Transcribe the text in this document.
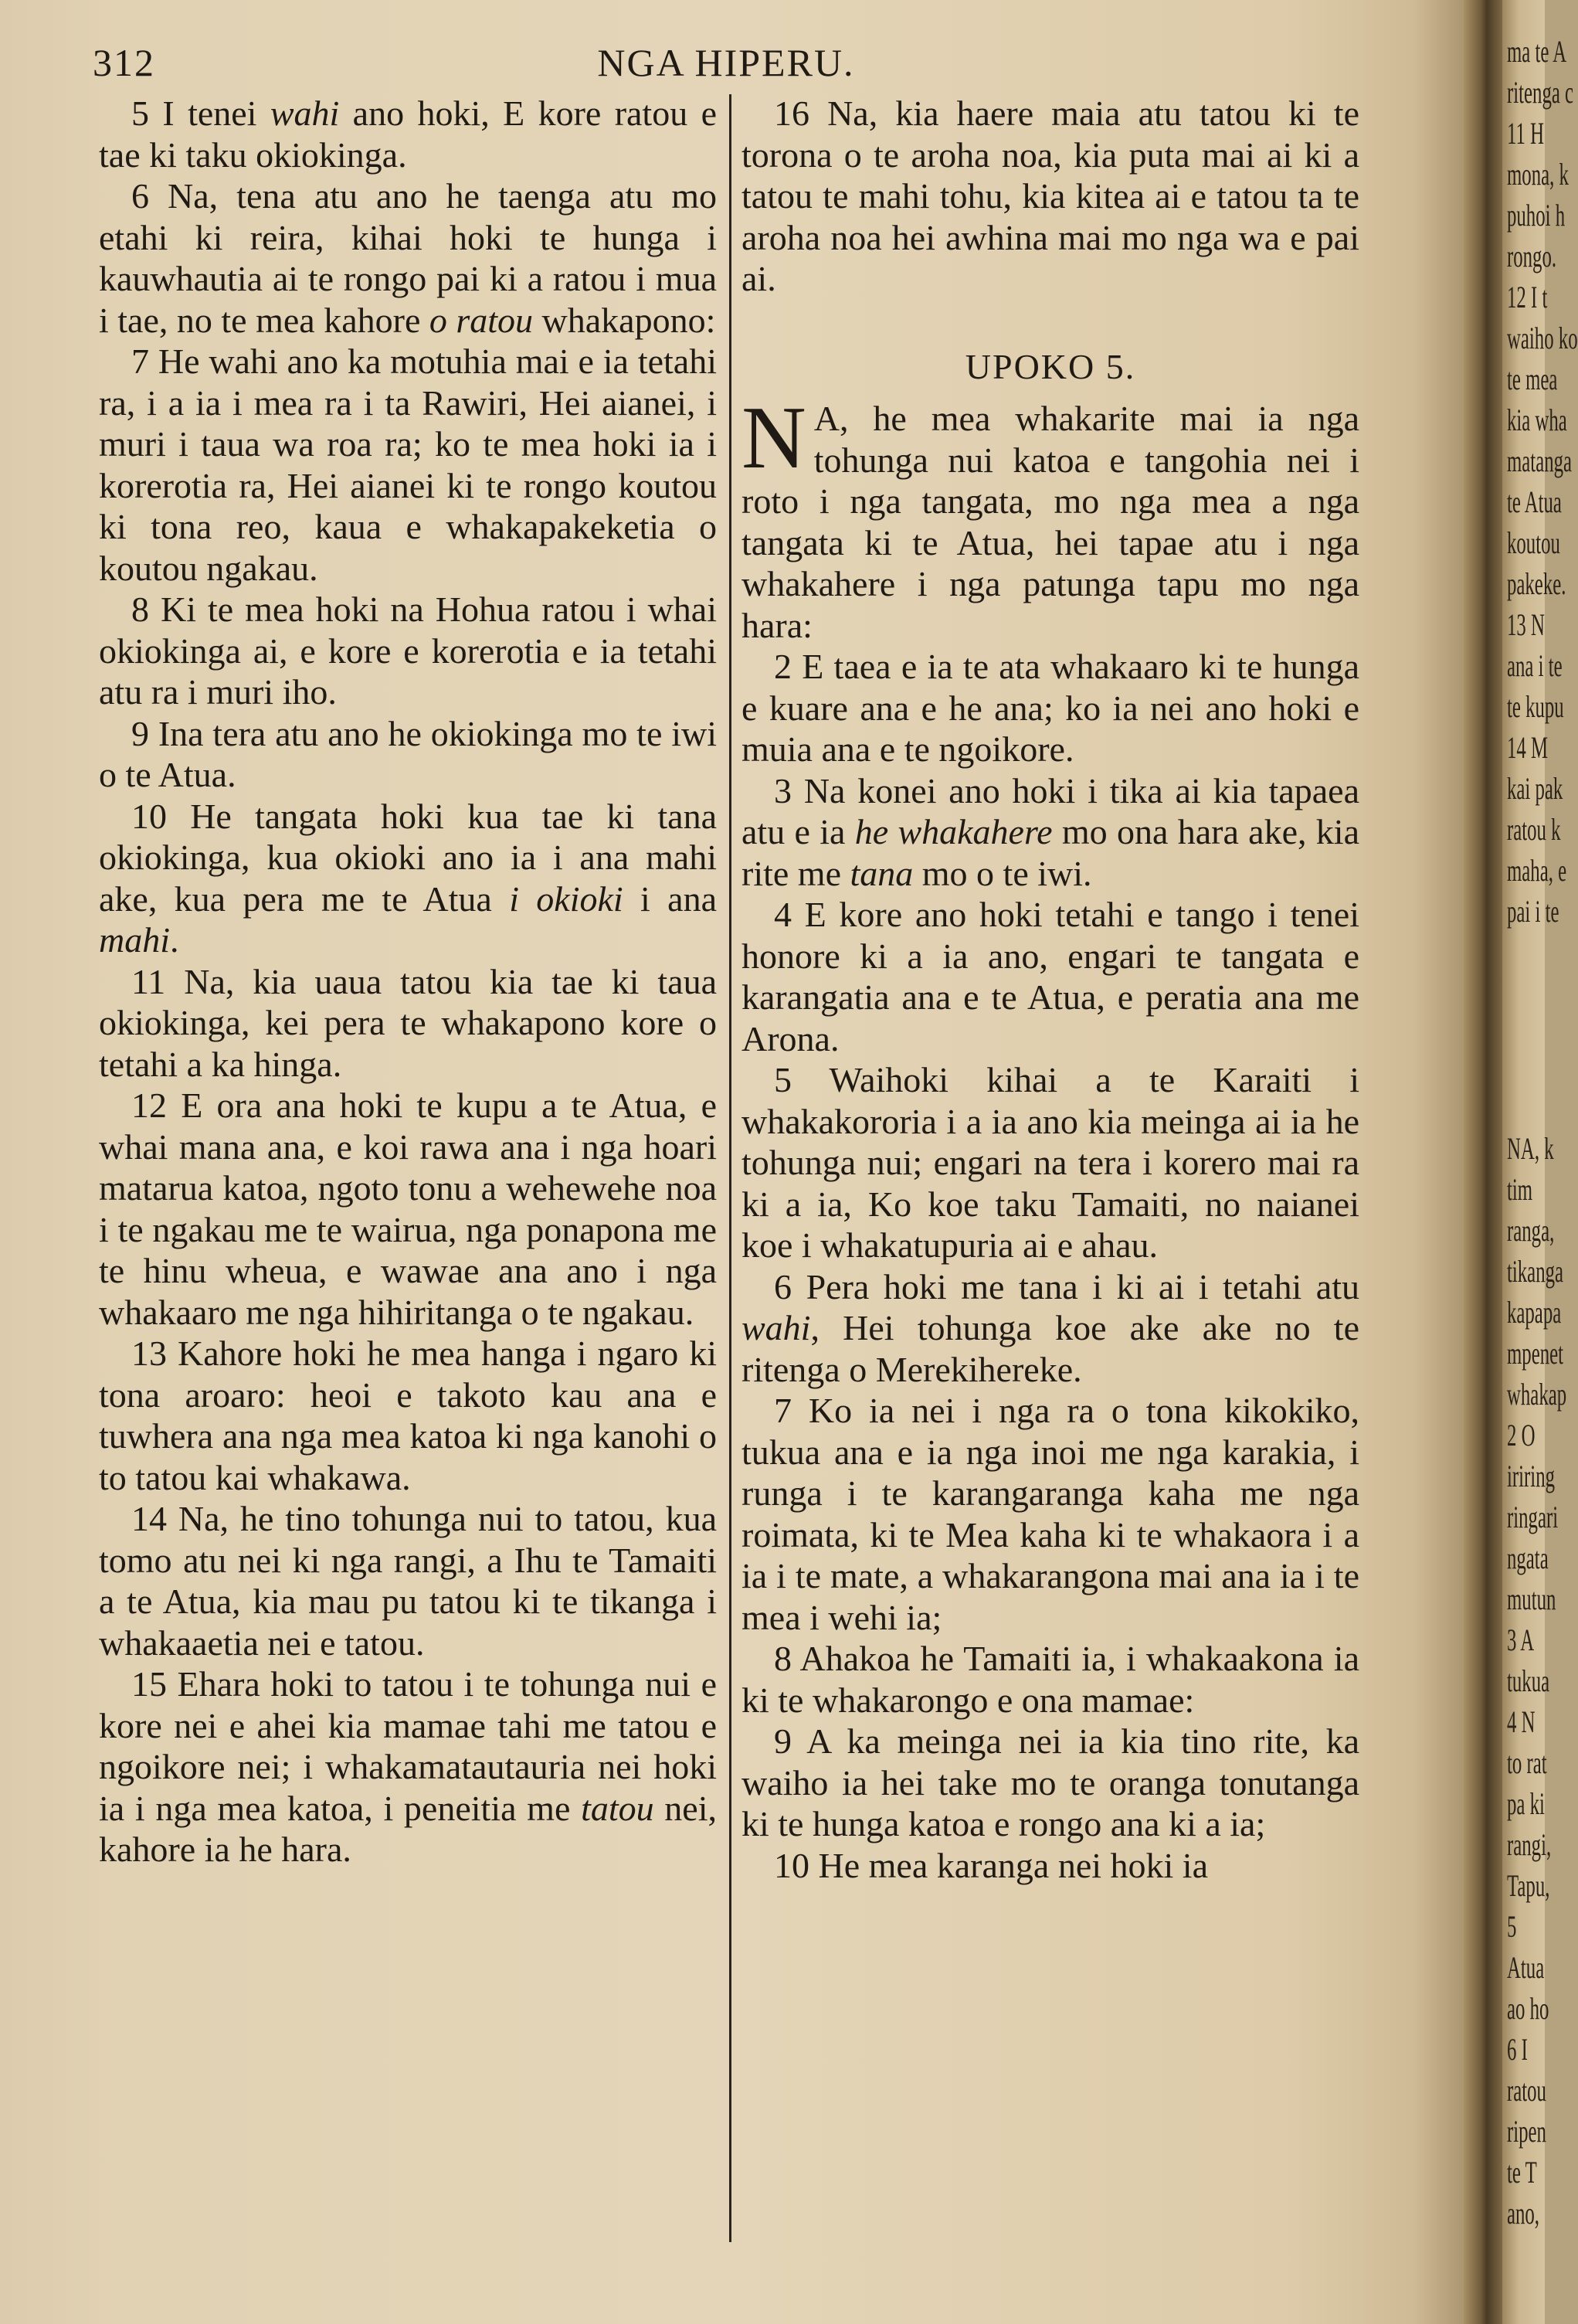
312	NGA HIPERU.

5 I tenei wahi ano hoki, E kore ratou e tae ki taku okiokinga.

6 Na, tena atu ano he taenga atu mo etahi ki reira, kihai hoki te hunga i kauwhautia ai te rongo pai ki a ratou i mua i tae, no te mea kahore o ratou whakapono:

7 He wahi ano ka motuhia mai e ia tetahi ra, i a ia i mea ra i ta Rawiri, Hei aianei, i muri i taua wa roa ra; ko te mea hoki ia i korerotia ra, Hei aianei ki te rongo koutou ki tona reo, kaua e whakapakeketia o koutou ngakau.

8 Ki te mea hoki na Hohua ratou i whai okiokinga ai, e kore e korerotia e ia tetahi atu ra i muri iho.

9 Ina tera atu ano he okiokinga mo te iwi o te Atua.

10 He tangata hoki kua tae ki tana okiokinga, kua okioki ano ia i ana mahi ake, kua pera me te Atua i okioki i ana mahi.

11 Na, kia uaua tatou kia tae ki taua okiokinga, kei pera te whakapono kore o tetahi a ka hinga.

12 E ora ana hoki te kupu a te Atua, e whai mana ana, e koi rawa ana i nga hoari matarua katoa, ngoto tonu a wehewehe noa i te ngakau me te wairua, nga ponapona me te hinu wheua, e wawae ana ano i nga whakaaro me nga hihiritanga o te ngakau.

13 Kahore hoki he mea hanga i ngaro ki tona aroaro: heoi e takoto kau ana e tuwhera ana nga mea katoa ki nga kanohi o to tatou kai whakawa.

14 Na, he tino tohunga nui to tatou, kua tomo atu nei ki nga rangi, a Ihu te Tamaiti a te Atua, kia mau pu tatou ki te tikanga i whakaaetia nei e tatou.

15 Ehara hoki to tatou i te tohunga nui e kore nei e ahei kia mamae tahi me tatou e ngoikore nei; i whakamatautauria nei hoki ia i nga mea katoa, i peneitia me tatou nei, kahore ia he hara.

16 Na, kia haere maia atu tatou ki te torona o te aroha noa, kia puta mai ai ki a tatou te mahi tohu, kia kitea ai e tatou ta te aroha noa hei awhina mai mo nga wa e pai ai.

UPOKO 5.

N A, he mea whakarite mai ia nga tohunga nui katoa e tangohia nei i roto i nga tangata, mo nga mea a nga tangata ki te Atua, hei tapae atu i nga whakahere i nga patunga tapu mo nga hara:

2 E taea e ia te ata whakaaro ki te hunga e kuare ana e he ana; ko ia nei ano hoki e muia ana e te ngoikore.

3 Na konei ano hoki i tika ai kia tapaea atu e ia he whakahere mo ona hara ake, kia rite me tana mo o te iwi.

4 E kore ano hoki tetahi e tango i tenei honore ki a ia ano, engari te tangata e karangatia ana e te Atua, e peratia ana me Arona.

5 Waihoki kihai a te Karaiti i whakakororia i a ia ano kia meinga ai ia he tohunga nui; engari na tera i korero mai ra ki a ia, Ko koe taku Tamaiti, no naianei koe i whakatupuria ai e ahau.

6 Pera hoki me tana i ki ai i tetahi atu wahi, Hei tohunga koe ake ake no te ritenga o Merekihereke.

7 Ko ia nei i nga ra o tona kikokiko, tukua ana e ia nga inoi me nga karakia, i runga i te karangaranga kaha me nga roimata, ki te Mea kaha ki te whakaora i a ia i te mate, a whakarangona mai ana ia i te mea i wehi ia;

8 Ahakoa he Tamaiti ia, i whakaakona ia ki te whakarongo e ona mamae:

9 A ka meinga nei ia kia tino rite, ka waiho ia hei take mo te oranga tonutanga ki te hunga katoa e rongo ana ki a ia;

10 He mea karanga nei hoki ia

ma te A
ritenga c
11 H
mona, k
puhoi h
rongo.
12 I t
waiho ko
te mea
kia wha
matanga
te Atua
koutou
pakeke.
13 N
ana i te
te kupu
14 M
kai pak
ratou k
maha, e
pai i te
NA, k
tim
ranga,
tikanga
kapapa
mpenet
whakap
2 O
iriring
ringari
ngata
mutun
3 A
tukua
4 N
to rat
pa ki
rangi,
Tapu,
5
Atua
ao ho
6 I
ratou
ripen
te T
ano,
